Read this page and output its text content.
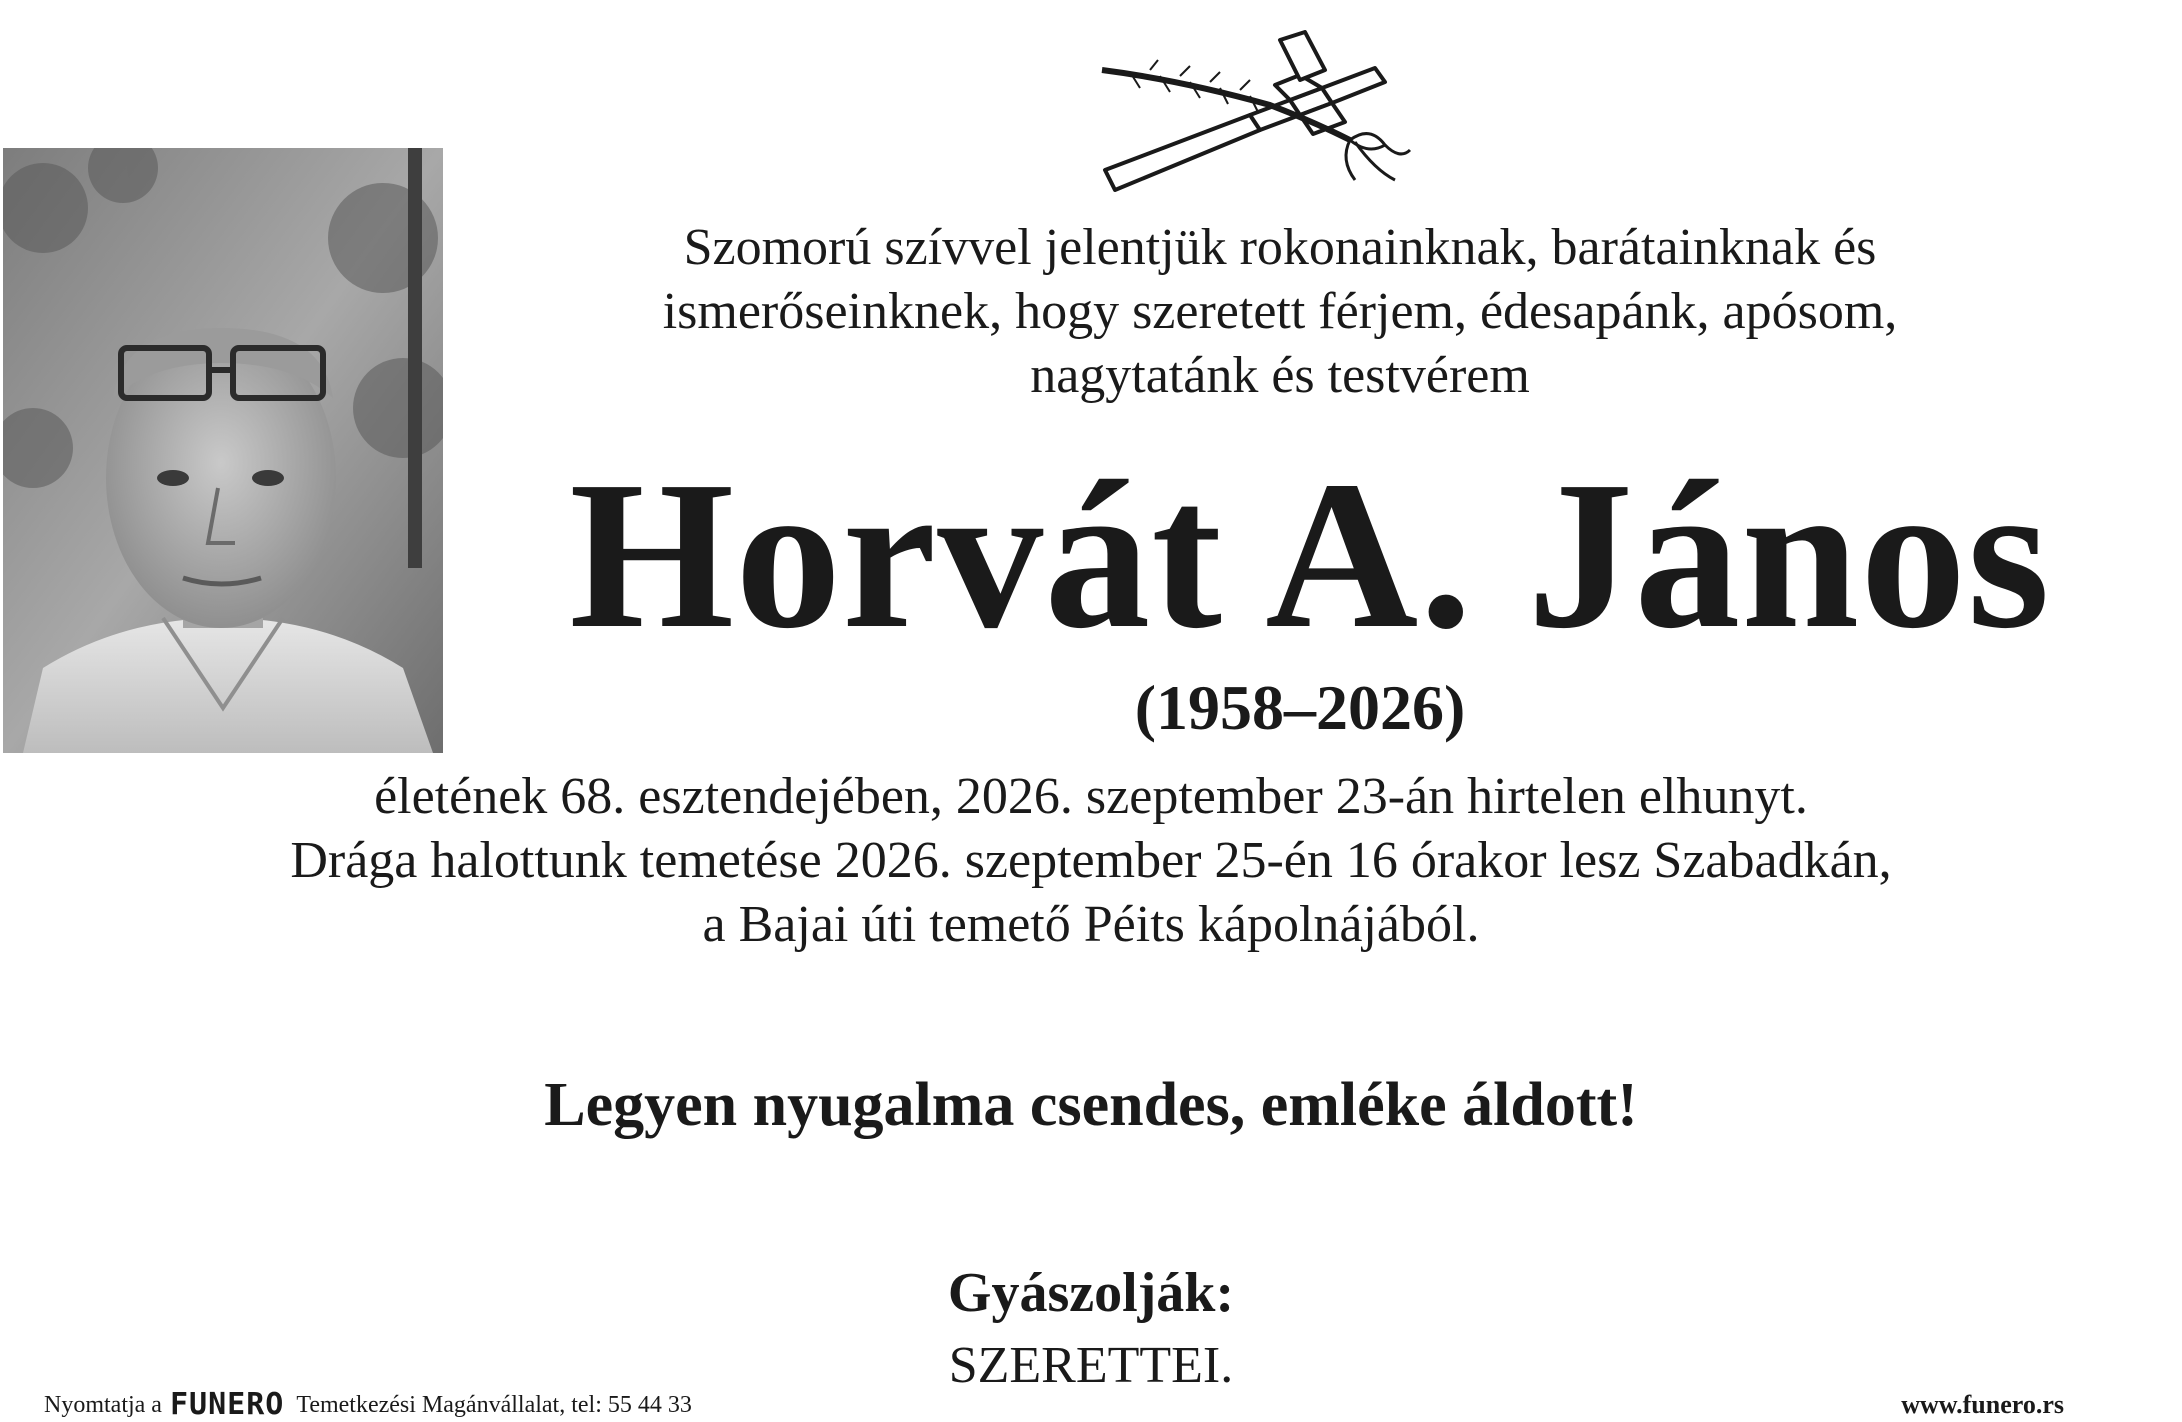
Szomorú szívvel jelentjük rokonainknak, barátainknak és
ismerőseinknek, hogy szeretett férjem, édesapánk, apósom,
nagytatánk és testvérem
Horvát A. János
(1958–2026)
életének 68. esztendejében, 2026. szeptember 23-án hirtelen elhunyt.
Drága halottunk temetése 2026. szeptember 25-én 16 órakor lesz Szabadkán,
a Bajai úti temető Péits kápolnájából.
Legyen nyugalma csendes, emléke áldott!
Gyászolják:
SZERETTEI.
Nyomtatja a FUNERO Temetkezési Magánvállalat, tel: 55 44 33	www.funero.rs
